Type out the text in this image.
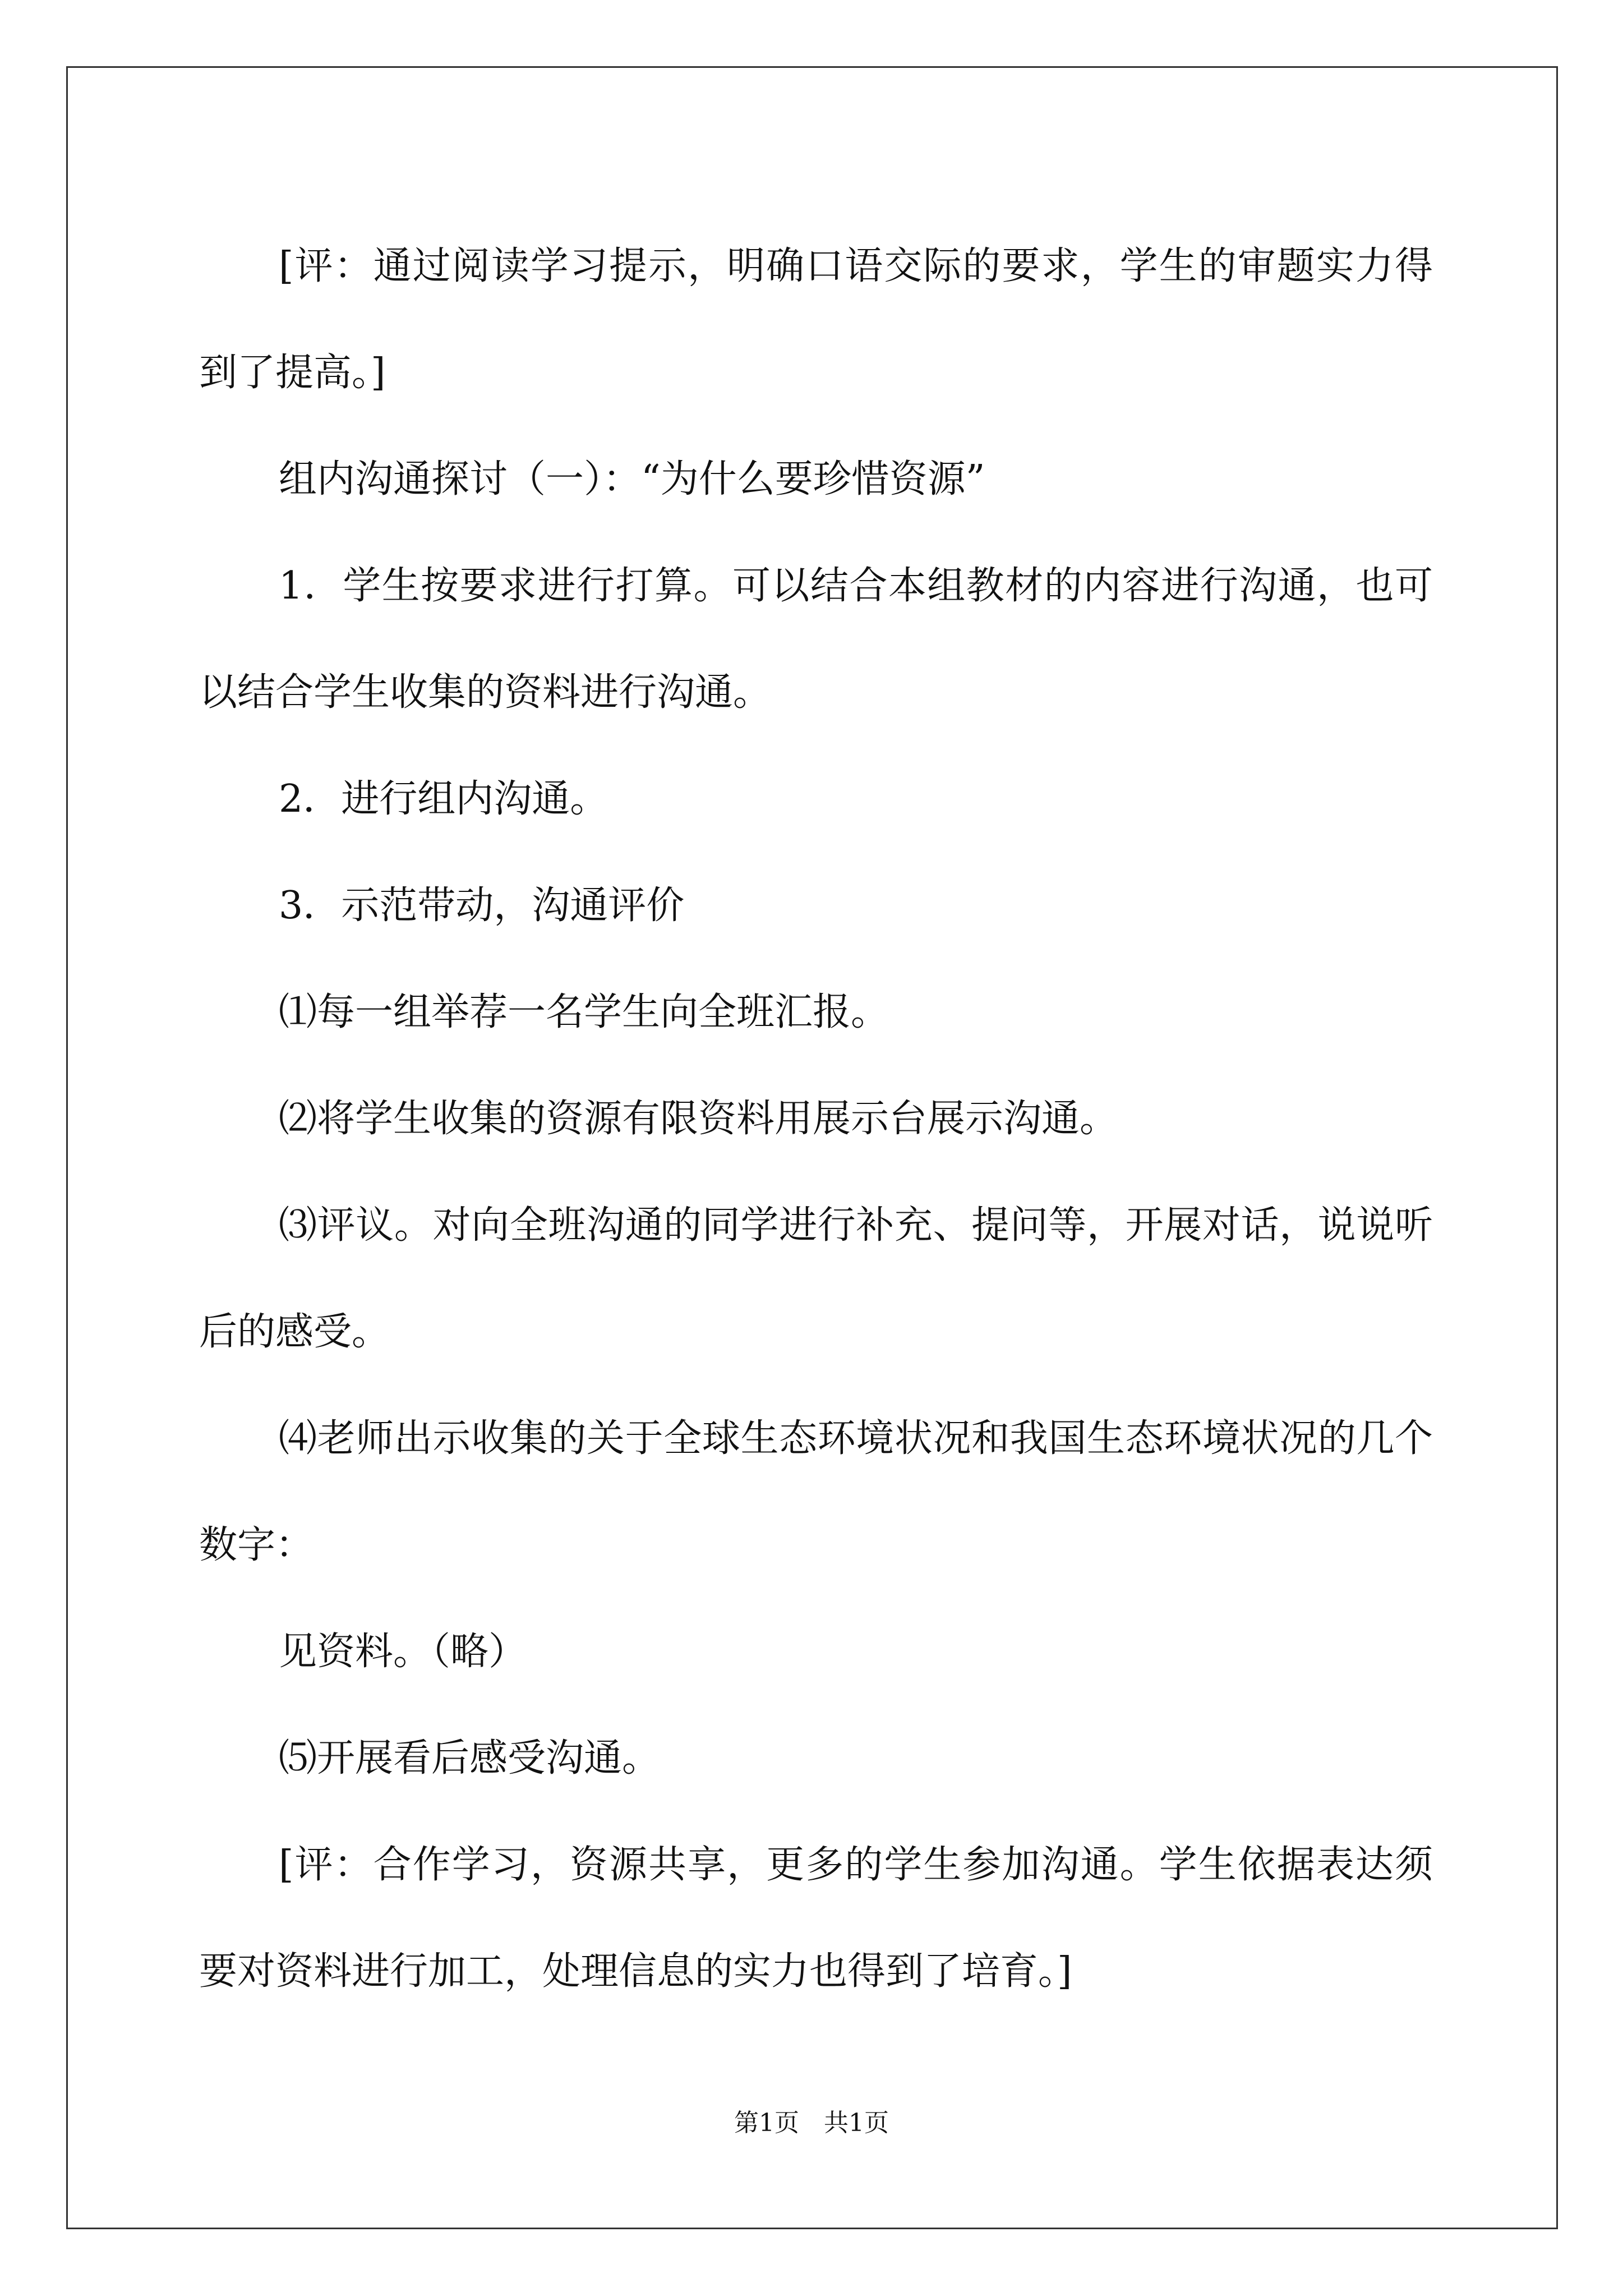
[评：通过阅读学习提示，明确口语交际的要求，学生的审题实力得到了提高。]

组内沟通探讨（一）：“为什么要珍惜资源”

1．学生按要求进行打算。可以结合本组教材的内容进行沟通，也可以结合学生收集的资料进行沟通。

2．进行组内沟通。

3．示范带动，沟通评价

⑴每一组举荐一名学生向全班汇报。

⑵将学生收集的资源有限资料用展示台展示沟通。

⑶评议。对向全班沟通的同学进行补充、提问等，开展对话，说说听后的感受。

⑷老师出示收集的关于全球生态环境状况和我国生态环境状况的几个数字：

见资料。（略）

⑸开展看后感受沟通。

[评：合作学习，资源共享，更多的学生参加沟通。学生依据表达须要对资料进行加工，处理信息的实力也得到了培育。]

第1页　共1页
